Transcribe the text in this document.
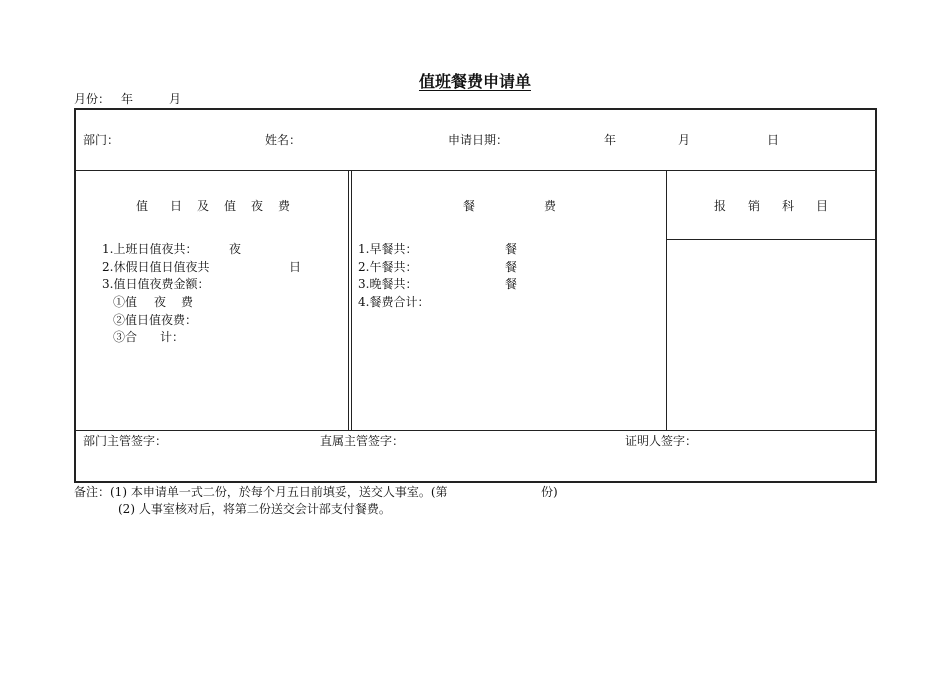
值班餐费申请单
月份： 年	月
部门：	姓名：	申请日期：	年	月	日
值 日 及 值 夜 费
1.上班日值夜共：	夜
2.休假日值日值夜共	日
3.值日值夜费金额：
①值 夜 费
②值日值夜费：
③合 计：
餐	费
1.早餐共：	餐
2.午餐共：	餐
3.晚餐共：	餐
4.餐费合计：
报 销 科 目
部门主管签字：	直属主管签字：	证明人签字：
备注：(1) 本申请单一式二份，於每个月五日前填妥，送交人事室。(第	份)
(2) 人事室核对后，将第二份送交会计部支付餐费。
